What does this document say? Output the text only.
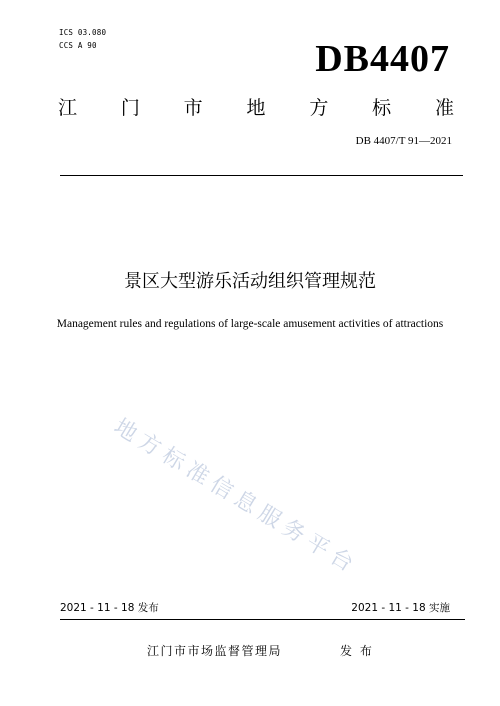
ICS 03.080
CCS A 90	DB4407
江 门 市 地 方 标 准
DB 4407/T 91—2021
景区大型游乐活动组织管理规范
Management rules and regulations of large-scale amusement activities of attractions
地方标准信息服务平台
2021 - 11 - 18 发布	2021 - 11 - 18 实施
江门市市场监督管理局	发 布
